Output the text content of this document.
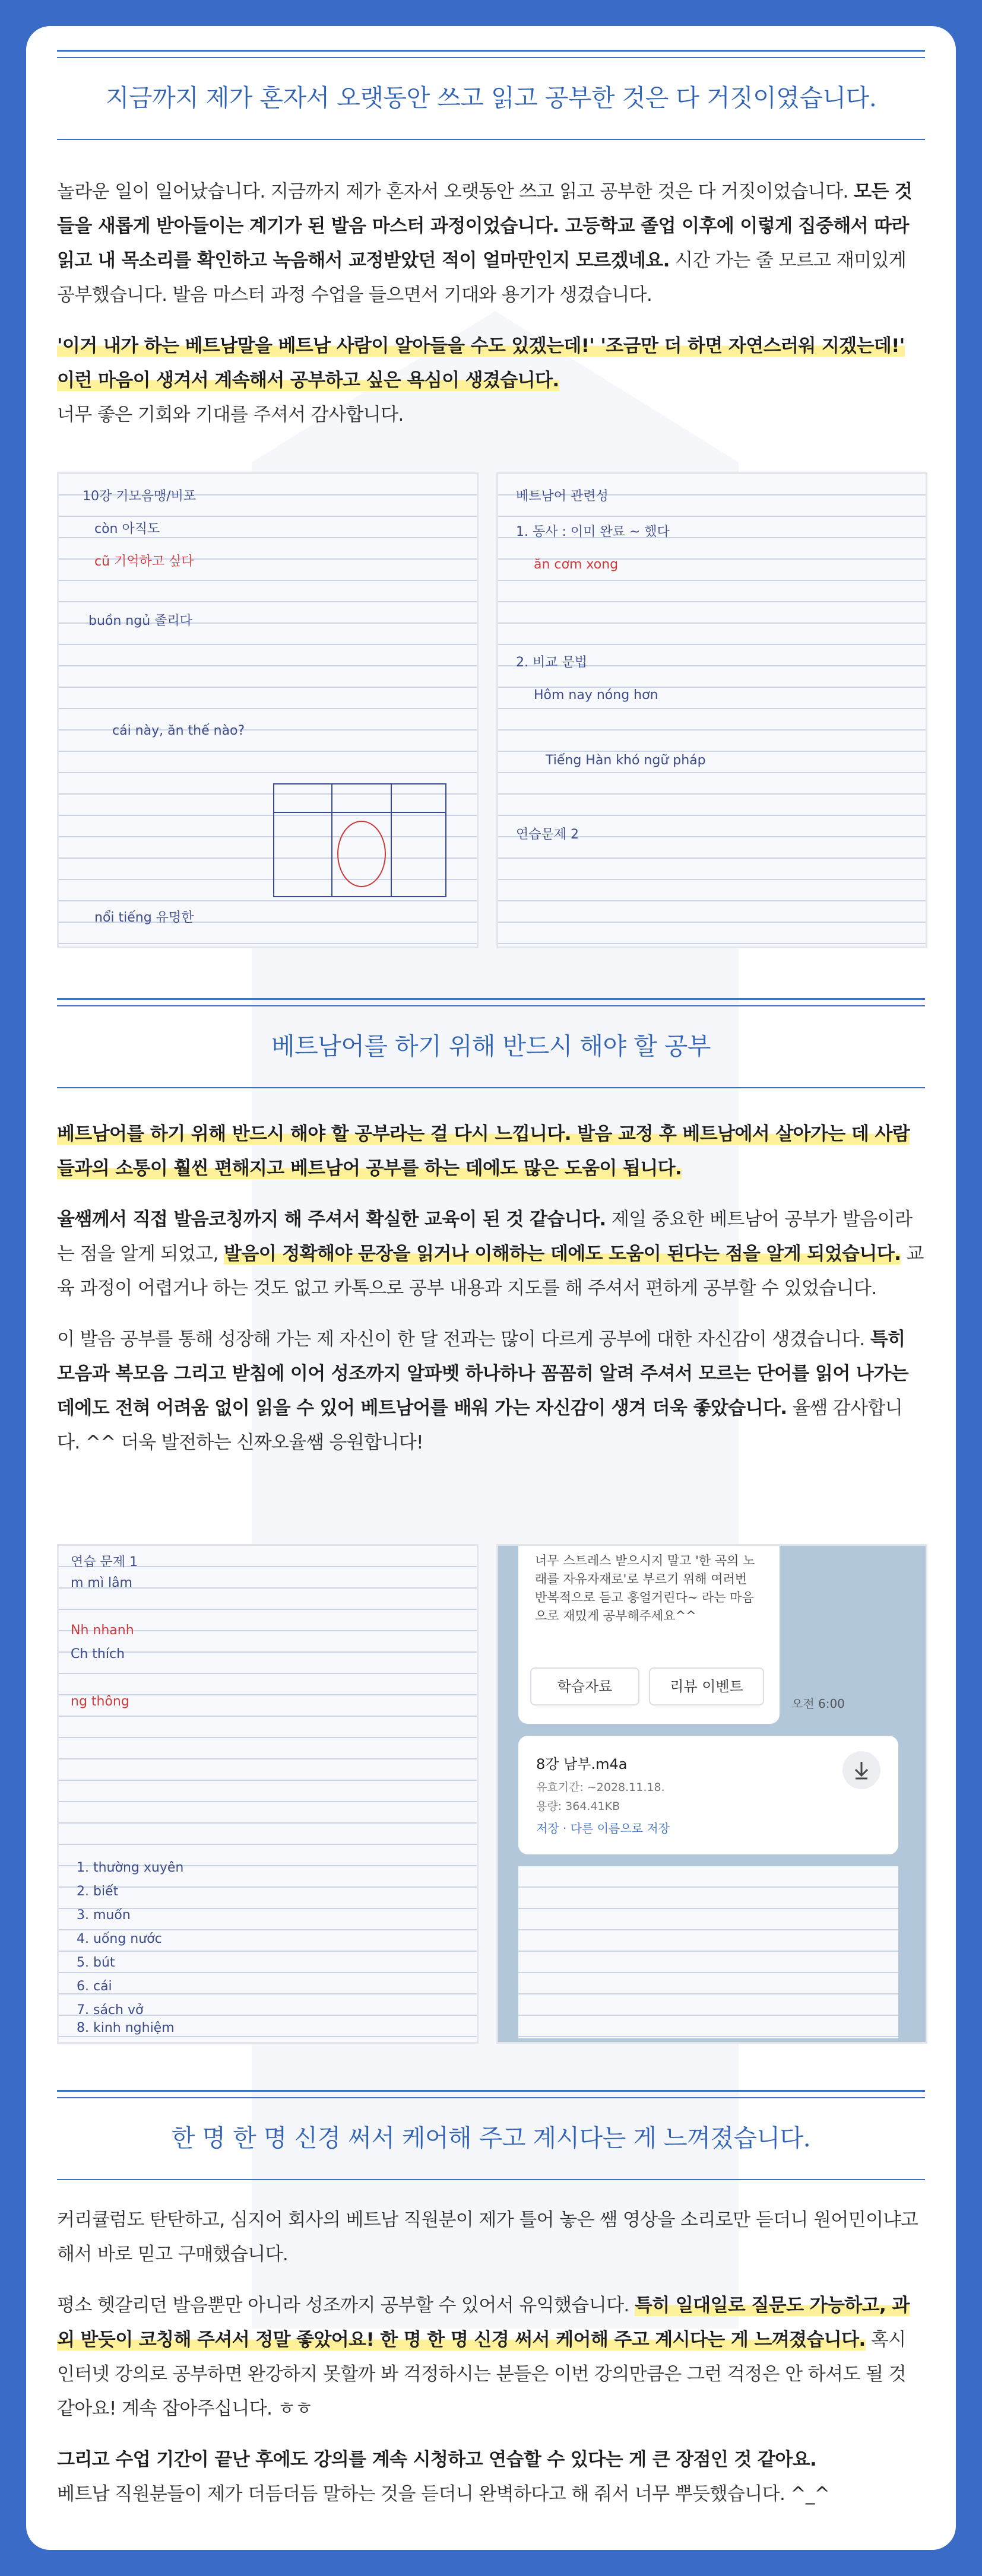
지금까지 제가 혼자서 오랫동안 쓰고 읽고 공부한 것은 다 거짓이였습니다.

놀라운 일이 일어났습니다. 지금까지 제가 혼자서 오랫동안 쓰고 읽고 공부한 것은 다 거짓이었습니다. 모든 것들을 새롭게 받아들이는 계기가 된 발음 마스터 과정이었습니다. 고등학교 졸업 이후에 이렇게 집중해서 따라 읽고 내 목소리를 확인하고 녹음해서 교정받았던 적이 얼마만인지 모르겠네요. 시간 가는 줄 모르고 재미있게 공부했습니다. 발음 마스터 과정 수업을 들으면서 기대와 용기가 생겼습니다.

'이거 내가 하는 베트남말을 베트남 사람이 알아들을 수도 있겠는데!' '조금만 더 하면 자연스러워 지겠는데!' 이런 마음이 생겨서 계속해서 공부하고 싶은 욕심이 생겼습니다.
너무 좋은 기회와 기대를 주셔서 감사합니다.

10강 기모음맹/비포
còn 아직도
cũ 기억하고 싶다
buồn ngủ 졸리다
cái này, ăn thế nào?
nổi tiếng 유명한
베트남어 관련성
1. 동사 : 이미 완료 ~ 했다
ăn cơm xong
2. 비교 문법
Hôm nay nóng hơn
Tiếng Hàn khó ngữ pháp
연습문제 2
베트남어를 하기 위해 반드시 해야 할 공부

베트남어를 하기 위해 반드시 해야 할 공부라는 걸 다시 느낍니다. 발음 교정 후 베트남에서 살아가는 데 사람들과의 소통이 훨씬 편해지고 베트남어 공부를 하는 데에도 많은 도움이 됩니다.

율쌤께서 직접 발음코칭까지 해 주셔서 확실한 교육이 된 것 같습니다. 제일 중요한 베트남어 공부가 발음이라는 점을 알게 되었고, 발음이 정확해야 문장을 읽거나 이해하는 데에도 도움이 된다는 점을 알게 되었습니다. 교육 과정이 어렵거나 하는 것도 없고 카톡으로 공부 내용과 지도를 해 주셔서 편하게 공부할 수 있었습니다.

이 발음 공부를 통해 성장해 가는 제 자신이 한 달 전과는 많이 다르게 공부에 대한 자신감이 생겼습니다. 특히 모음과 복모음 그리고 받침에 이어 성조까지 알파벳 하나하나 꼼꼼히 알려 주셔서 모르는 단어를 읽어 나가는 데에도 전혀 어려움 없이 읽을 수 있어 베트남어를 배워 가는 자신감이 생겨 더욱 좋았습니다. 율쌤 감사합니다. ^^ 더욱 발전하는 신짜오율쌤 응원합니다!

연습 문제 1
m mì lâm
Nh nhanh
Ch thích
ng thông
1. thường xuyên
2. biết
3. muốn
4. uống nước
5. bút
6. cái
7. sách vở
8. kinh nghiệm
너무 스트레스 받으시지 말고 '한 곡의 노래를 자유자재로'로 부르기 위해 여러번 반복적으로 듣고 흥얼거린다~ 라는 마음으로 재밌게 공부해주세요^^
학습자료	리뷰 이벤트
오전 6:00
8강 남부.m4a
유효기간: ~2028.11.18.
용량: 364.41KB
저장 · 다른 이름으로 저장
한 명 한 명 신경 써서 케어해 주고 계시다는 게 느껴졌습니다.

커리큘럼도 탄탄하고, 심지어 회사의 베트남 직원분이 제가 틀어 놓은 쌤 영상을 소리로만 듣더니 원어민이냐고 해서 바로 믿고 구매했습니다.

평소 헷갈리던 발음뿐만 아니라 성조까지 공부할 수 있어서 유익했습니다. 특히 일대일로 질문도 가능하고, 과외 받듯이 코칭해 주셔서 정말 좋았어요! 한 명 한 명 신경 써서 케어해 주고 계시다는 게 느껴졌습니다. 혹시 인터넷 강의로 공부하면 완강하지 못할까 봐 걱정하시는 분들은 이번 강의만큼은 그런 걱정은 안 하셔도 될 것 같아요! 계속 잡아주십니다. ㅎㅎ

그리고 수업 기간이 끝난 후에도 강의를 계속 시청하고 연습할 수 있다는 게 큰 장점인 것 같아요.
베트남 직원분들이 제가 더듬더듬 말하는 것을 듣더니 완벽하다고 해 줘서 너무 뿌듯했습니다. ^_^
